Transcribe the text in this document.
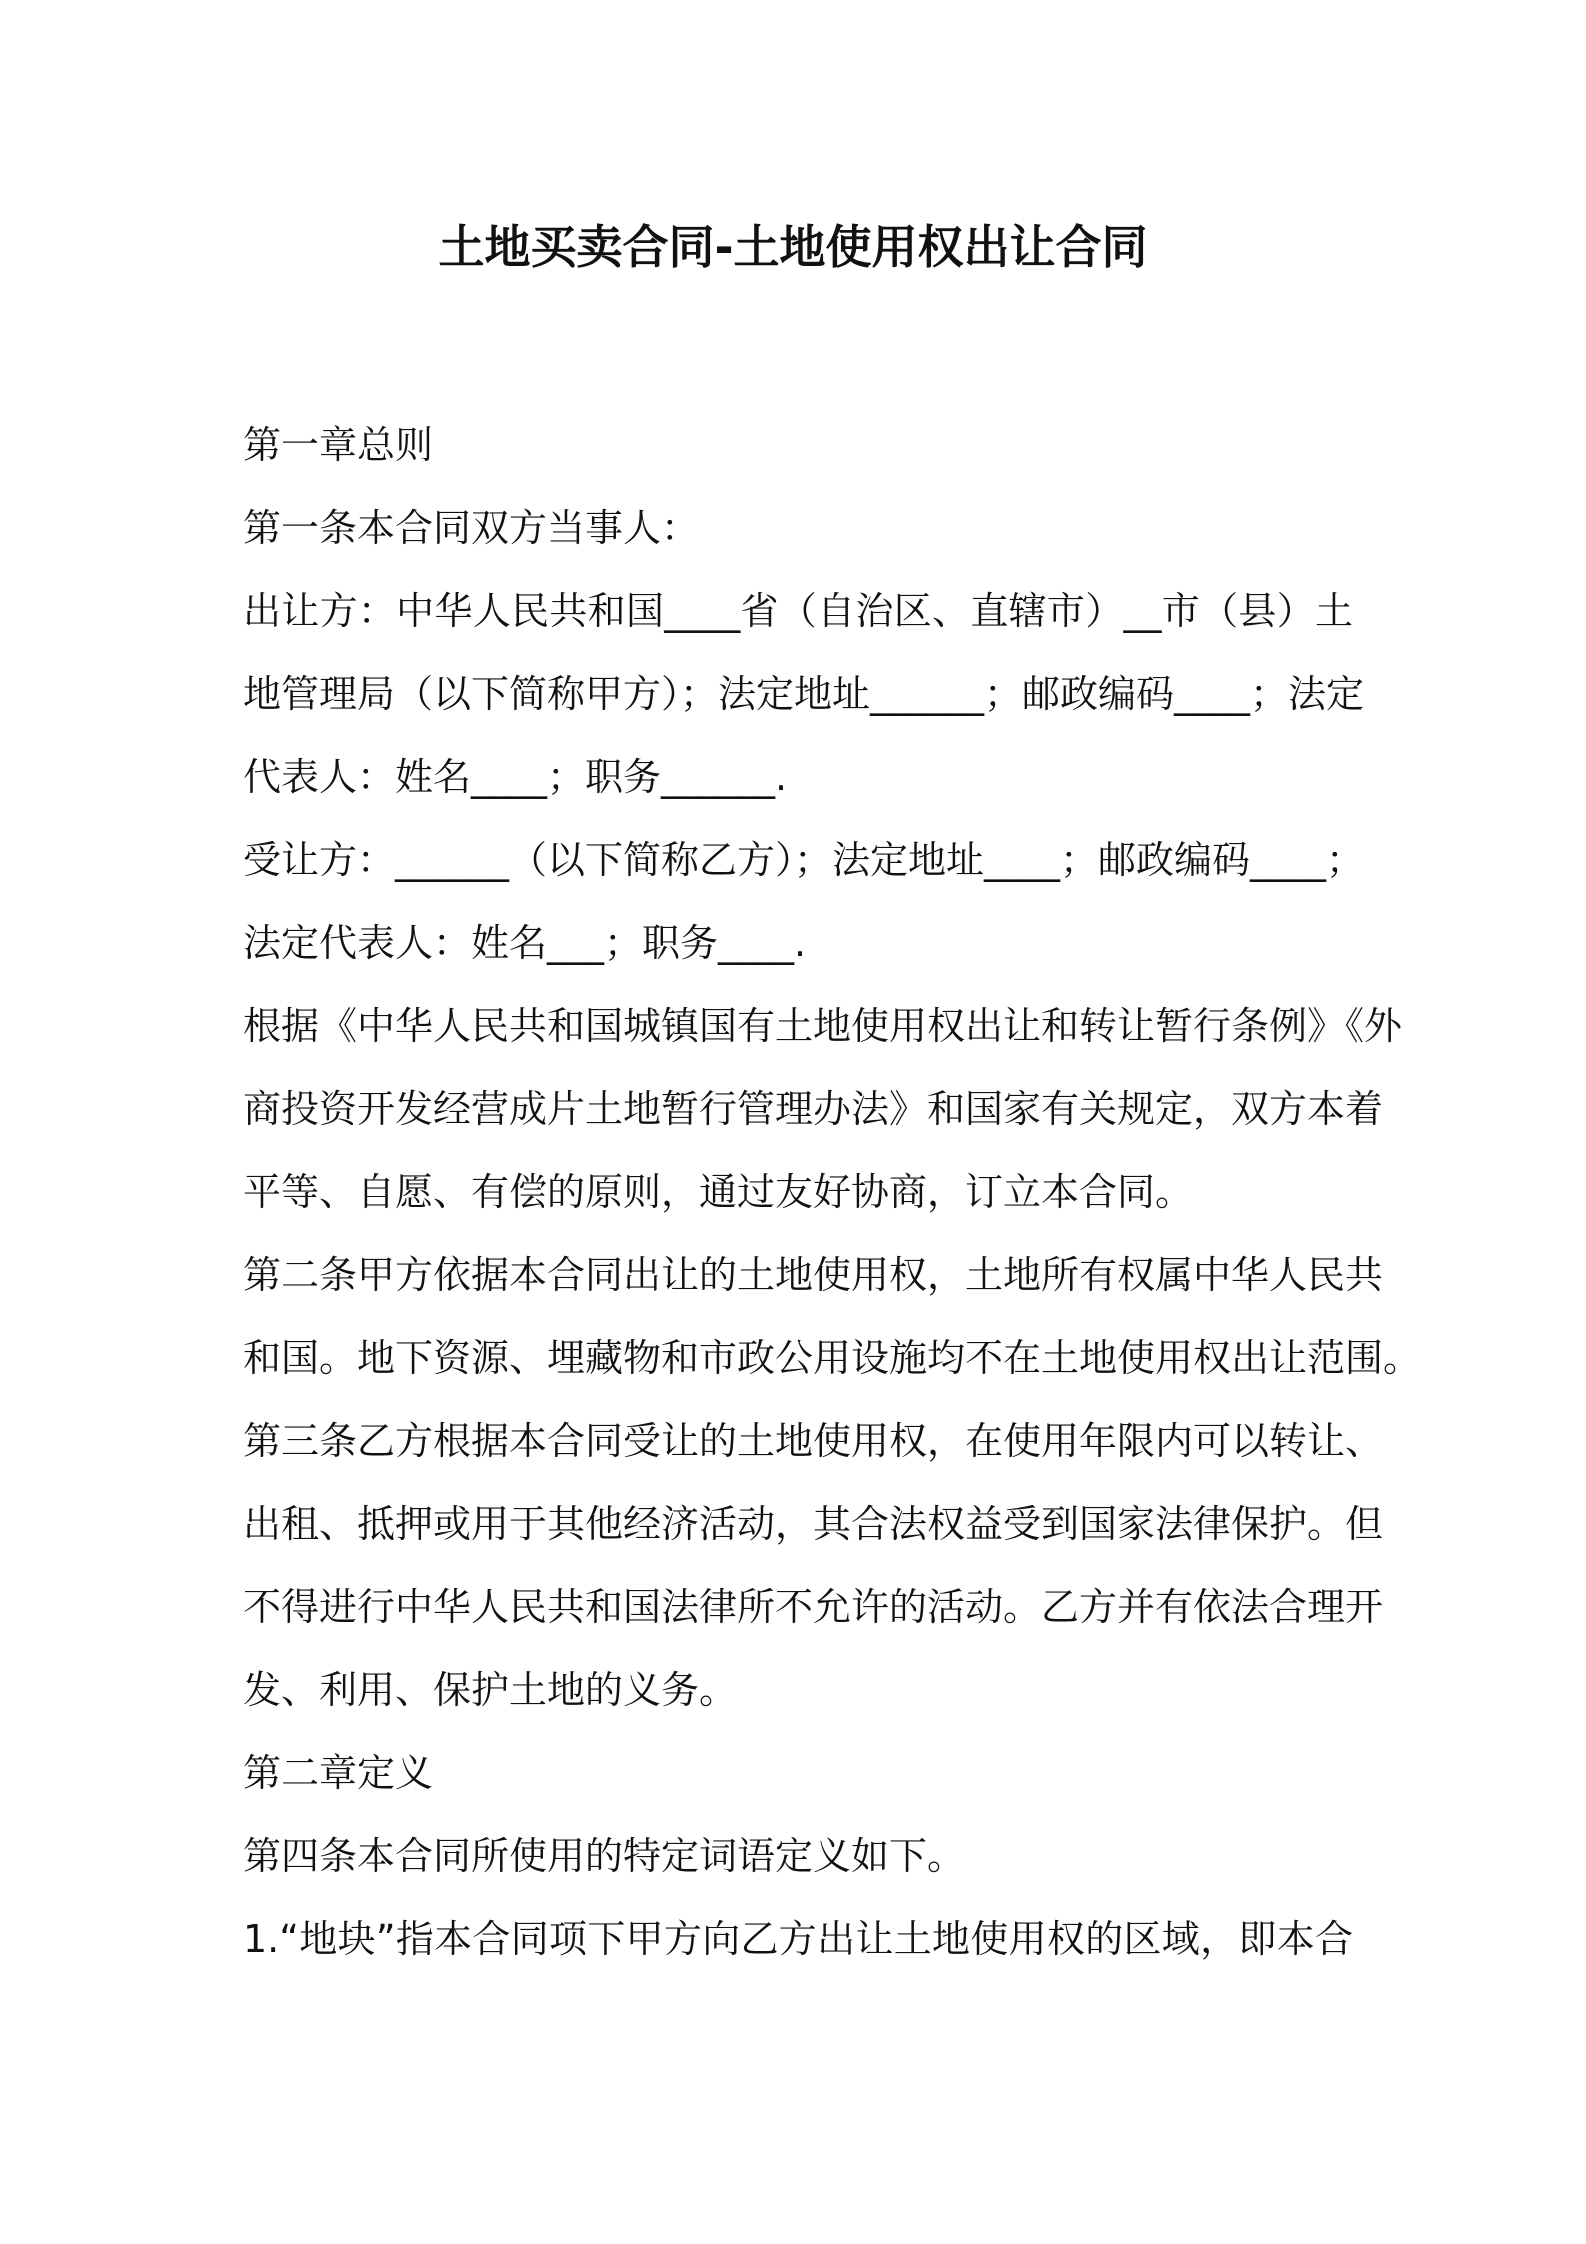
土地买卖合同-土地使用权出让合同
第一章总则
第一条本合同双方当事人：
出让方：中华人民共和国____省（自治区、直辖市）__市（县）土
地管理局（以下简称甲方）；法定地址______；邮政编码____；法定
代表人：姓名____；职务______.
受让方：______（以下简称乙方）；法定地址____；邮政编码____；
法定代表人：姓名___；职务____.
根据《中华人民共和国城镇国有土地使用权出让和转让暂行条例》《外
商投资开发经营成片土地暂行管理办法》和国家有关规定，双方本着
平等、自愿、有偿的原则，通过友好协商，订立本合同。
第二条甲方依据本合同出让的土地使用权，土地所有权属中华人民共
和国。地下资源、埋藏物和市政公用设施均不在土地使用权出让范围。
第三条乙方根据本合同受让的土地使用权，在使用年限内可以转让、
出租、抵押或用于其他经济活动，其合法权益受到国家法律保护。但
不得进行中华人民共和国法律所不允许的活动。乙方并有依法合理开
发、利用、保护土地的义务。
第二章定义
第四条本合同所使用的特定词语定义如下。
1.“地块”指本合同项下甲方向乙方出让土地使用权的区域，即本合
